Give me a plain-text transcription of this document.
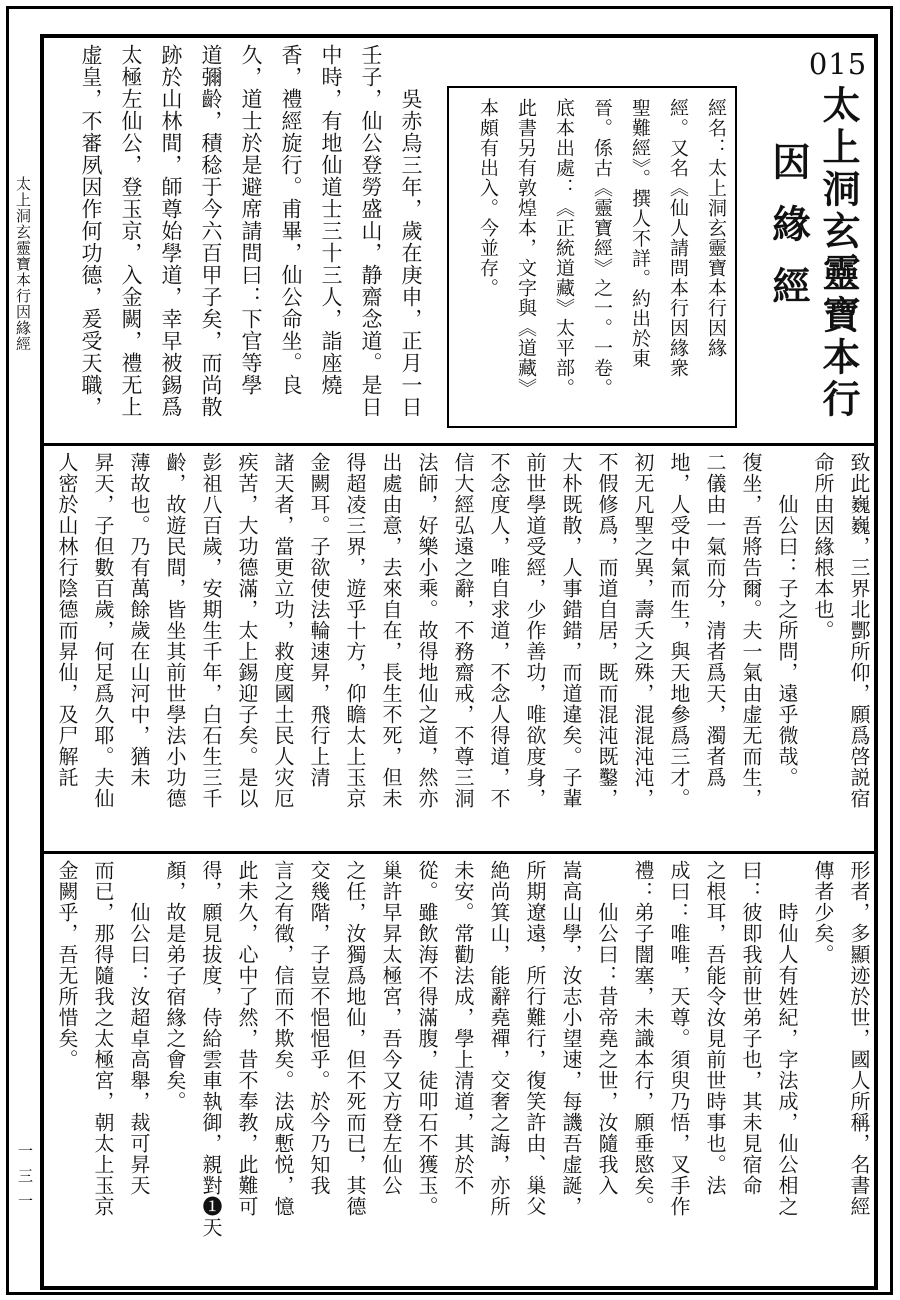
太上洞玄靈寶本行因緣經
一三一
015
太上洞玄靈寶本行
因緣經
經名：太上洞玄靈寶本行因緣
經。又名《仙人請問本行因緣衆
聖難經》。撰人不詳。約出於東
晉。係古《靈寶經》之一。一卷。
底本出處：《正統道藏》太平部。
此書另有敦煌本，文字與《道藏》
本頗有出入。今並存。
　　吳赤烏三年，歲在庚申，正月一日
壬子，仙公登勞盛山，静齋念道。是日
中時，有地仙道士三十三人，詣座燒
香，禮經旋行。甫畢，仙公命坐。良
久，道士於是避席請問曰：下官等學
道彌齡，積稔于今六百甲子矣，而尚散
跡於山林間，師尊始學道，幸早被錫爲
太極左仙公，登玉京，入金闕，禮无上
虚皇，不審夙因作何功德，爰受天職，
致此巍巍，三界北酆所仰，願爲啓説宿
命所由因緣根本也。
　　仙公曰：子之所問，遠乎微哉。
復坐，吾將告爾。夫一氣由虚无而生，
二儀由一氣而分，清者爲天，濁者爲
地，人受中氣而生，與天地參爲三才。
初无凡聖之異，壽夭之殊，混混沌沌，
不假修爲，而道自居，既而混沌既鑿，
大朴既散，人事錯錯，而道違矣。子輩
前世學道受經，少作善功，唯欲度身，
不念度人，唯自求道，不念人得道，不
信大經弘遠之辭，不務齋戒，不尊三洞
法師，好樂小乘。故得地仙之道，然亦
出處由意，去來自在，長生不死，但未
得超凌三界，遊乎十方，仰瞻太上玉京
金闕耳。子欲使法輪速昇，飛行上清
諸天者，當更立功，救度國土民人灾厄
疾苦，大功德滿，太上錫迎子矣。是以
彭祖八百歲，安期生千年，白石生三千
齡，故遊民間，皆坐其前世學法小功德
薄故也。乃有萬餘歲在山河中，猶未
昇天，子但數百歲，何足爲久耶。夫仙
人密於山林行陰德而昇仙，及尸解託
形者，多顯迹於世，國人所稱，名書經
傳者少矣。
　　時仙人有姓紀，字法成，仙公相之
曰：彼即我前世弟子也，其未見宿命
之根耳，吾能令汝見前世時事也。法
成曰：唯唯，天尊。須臾乃悟，叉手作
禮：弟子闇塞，未識本行，願垂愍矣。
　　仙公曰：昔帝堯之世，汝隨我入
嵩高山學，汝志小望速，每譏吾虚誕，
所期遼遠，所行難行，復笑許由、巢父
絶尚箕山，能辭堯禪，交奢之誨，亦所
未安。常勸法成，學上清道，其於不
從。雖飲海不得滿腹，徒叩石不獲玉。
巢許早昇太極宮，吾今又方登左仙公
之任，汝獨爲地仙，但不死而已，其德
交幾階，子豈不悒悒乎。於今乃知我
言之有徵，信而不欺矣。法成慙悦，憶
此未久，心中了然，昔不奉教，此難可
得，願見拔度，侍給雲車執御，親對❶天
顏，故是弟子宿緣之會矣。
　　仙公曰：汝超卓高舉，裁可昇天
而已，那得隨我之太極宮，朝太上玉京
金闕乎，吾无所惜矣。
